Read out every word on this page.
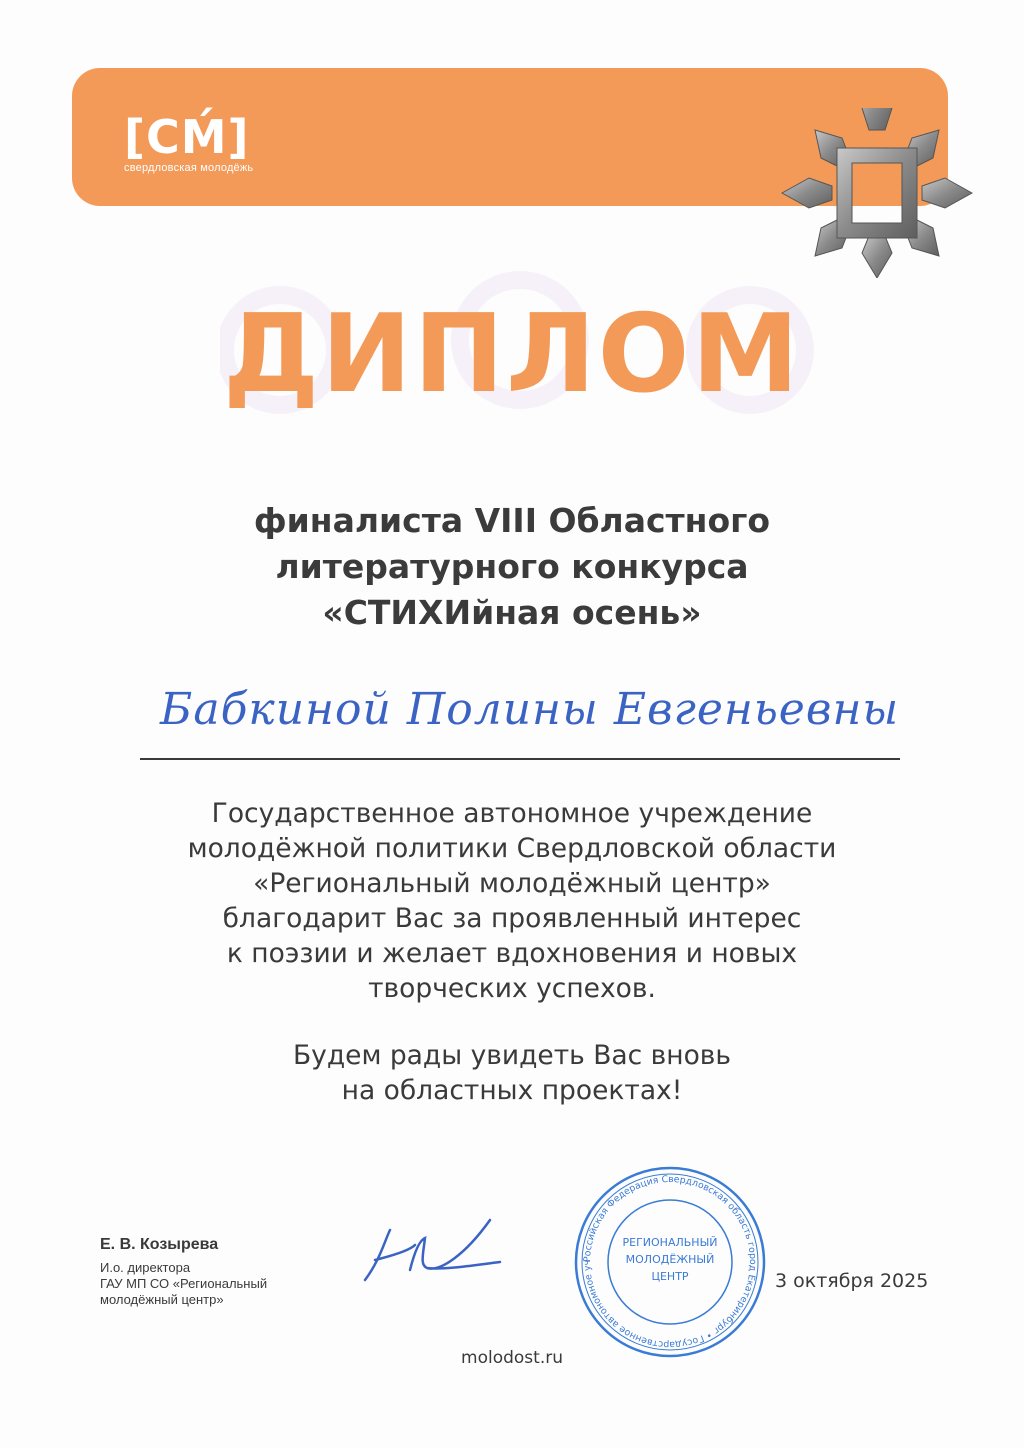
[СМ́]
свердловская молодёжь
ДИПЛОМ
финалиста VIII Областного
литературного конкурса
«СТИХИйная осень»
Бабкиной Полины Евгеньевны
Государственное автономное учреждение
молодёжной политики Свердловской области
«Региональный молодёжный центр»
благодарит Вас за проявленный интерес
к поэзии и желает вдохновения и новых
творческих успехов.
Будем рады увидеть Вас вновь
на областных проектах!
Е. В. Козырева
И.о. директора
ГАУ МП СО «Региональный
молодёжный центр»
Российская Федерация Свердловская область город Екатеринбург • Государственное автономное уч
РЕГИОНАЛЬНЫЙ
МОЛОДЁЖНЫЙ
ЦЕНТР	3 октября 2025
molodost.ru
